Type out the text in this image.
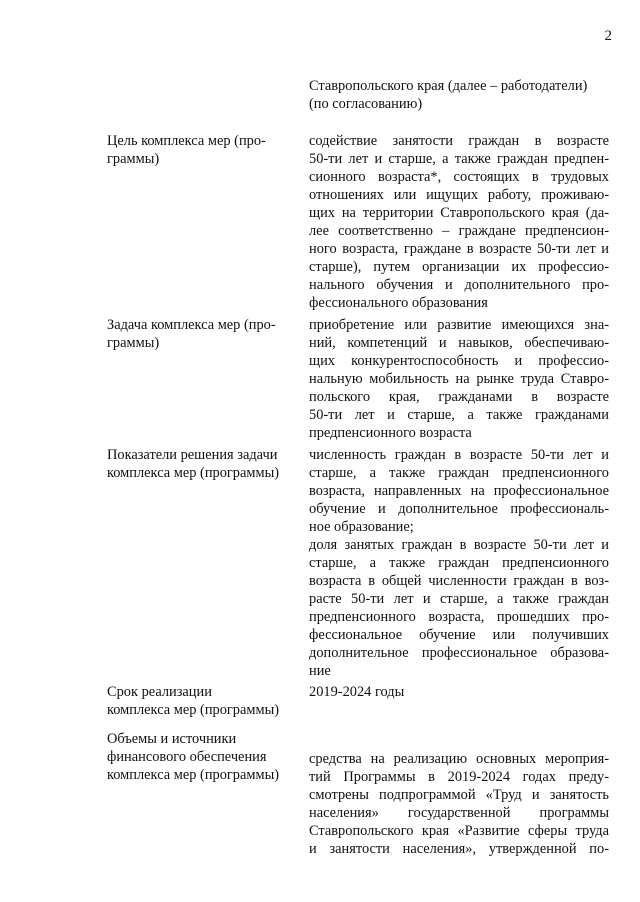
2
Ставропольского края (далее – работодатели)
(по согласованию)
Цель комплекса мер (про-
граммы)
содействие занятости граждан в возрасте
50-ти лет и старше, а также граждан предпен-
сионного возраста*, состоящих в трудовых
отношениях или ищущих работу, проживаю-
щих на территории Ставропольского края (да-
лее соответственно – граждане предпенсион-
ного возраста, граждане в возрасте 50-ти лет и
старше), путем организации их профессио-
нального обучения и дополнительного про-
фессионального образования
Задача комплекса мер (про-
граммы)
приобретение или развитие имеющихся зна-
ний, компетенций и навыков, обеспечиваю-
щих конкурентоспособность и профессио-
нальную мобильность на рынке труда Ставро-
польского края, гражданами в возрасте
50-ти лет и старше, а также гражданами
предпенсионного возраста
Показатели решения задачи
комплекса мер (программы)
численность граждан в возрасте 50-ти лет и
старше, а также граждан предпенсионного
возраста, направленных на профессиональное
обучение и дополнительное профессиональ-
ное образование;
доля занятых граждан в возрасте 50-ти лет и
старше, а также граждан предпенсионного
возраста в общей численности граждан в воз-
расте 50-ти лет и старше, а также граждан
предпенсионного возраста, прошедших про-
фессиональное обучение или получивших
дополнительное профессиональное образова-
ние
Срок реализации
комплекса мер (программы)
2019-2024 годы
Объемы и источники
финансового обеспечения
комплекса мер (программы)
средства на реализацию основных мероприя-
тий Программы в 2019-2024 годах преду-
смотрены подпрограммой «Труд и занятость
населения» государственной программы
Ставропольского края «Развитие сферы труда
и занятости населения», утвержденной по-
